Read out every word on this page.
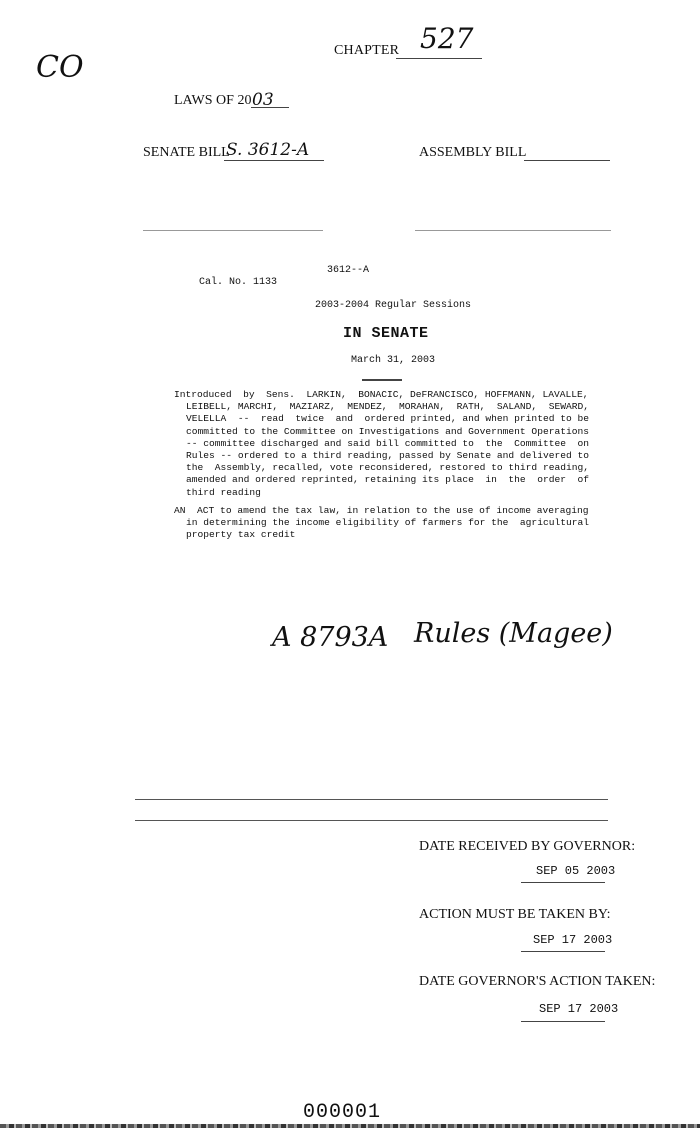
CO	CHAPTER 527
LAWS OF 20 03
SENATE BILL
S. 3612-A	ASSEMBLY BILL
3612--A
Cal. No. 1133
2003-2004 Regular Sessions
IN SENATE
March 31, 2003
Introduced  by  Sens.  LARKIN,  BONACIC, DeFRANCISCO, HOFFMANN, LAVALLE,
LEIBELL, MARCHI,  MAZIARZ,  MENDEZ,  MORAHAN,  RATH,  SALAND,  SEWARD,
VELELLA  --  read  twice  and  ordered printed, and when printed to be
committed to the Committee on Investigations and Government Operations
-- committee discharged and said bill committed to  the  Committee  on
Rules -- ordered to a third reading, passed by Senate and delivered to
the  Assembly, recalled, vote reconsidered, restored to third reading,
amended and ordered reprinted, retaining its place  in  the  order  of
third reading
AN  ACT to amend the tax law, in relation to the use of income averaging
in determining the income eligibility of farmers for the  agricultural
property tax credit
A 8793A Rules (Magee)
DATE RECEIVED BY GOVERNOR:
SEP 05 2003
ACTION MUST BE TAKEN BY:
SEP 17 2003
DATE GOVERNOR'S ACTION TAKEN:
SEP 17 2003
000001
